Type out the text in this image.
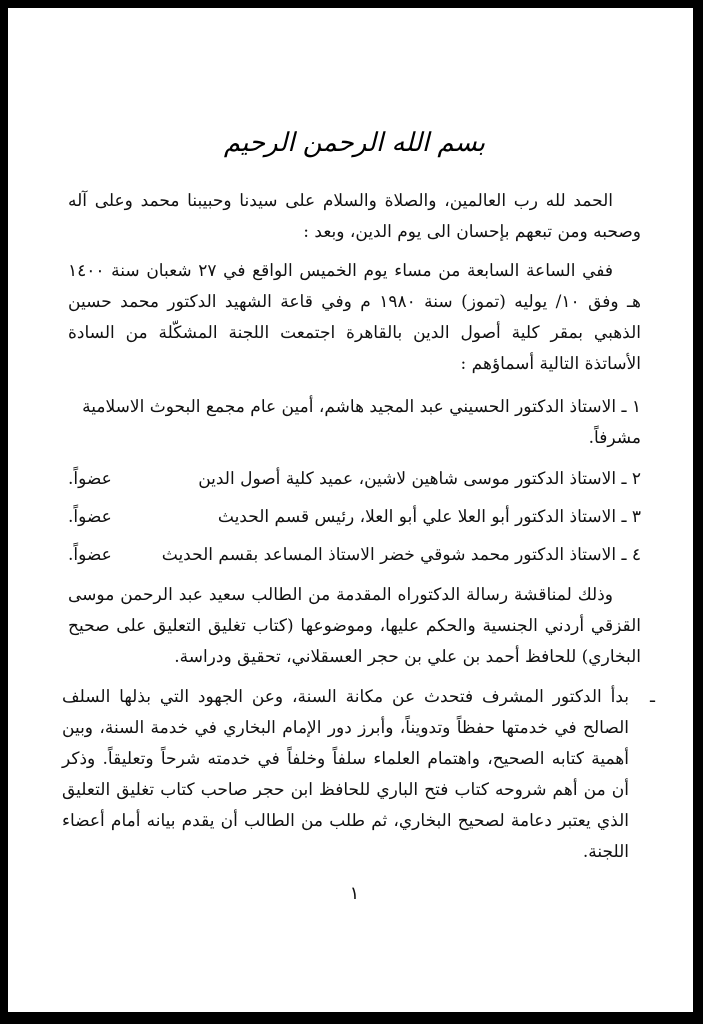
بسم الله الرحمن الرحيم

الحمد لله رب العالمين، والصلاة والسلام على سيدنا وحبيبنا محمد وعلى آله وصحبه ومن تبعهم بإحسان الى يوم الدين، وبعد :

ففي الساعة السابعة من مساء يوم الخميس الواقع في ٢٧ شعبان سنة ١٤٠٠ هـ وفق ١٠/ يوليه (تموز) سنة ١٩٨٠ م وفي قاعة الشهيد الدكتور محمد حسين الذهبي بمقر كلية أصول الدين بالقاهرة اجتمعت اللجنة المشكّلة من السادة الأساتذة التالية أسماؤهم :

١ ـ الاستاذ الدكتور الحسيني عبد المجيد هاشم، أمين عام مجمع البحوث الاسلامية
مشرفاً.
٢ ـ الاستاذ الدكتور موسى شاهين لاشين، عميد كلية أصول الدين
عضواً.
٣ ـ الاستاذ الدكتور أبو العلا علي أبو العلا، رئيس قسم الحديث
عضواً.
٤ ـ الاستاذ الدكتور محمد شوقي خضر الاستاذ المساعد بقسم الحديث
عضواً.

وذلك لمناقشة رسالة الدكتوراه المقدمة من الطالب سعيد عبد الرحمن موسى القزقي أردني الجنسية والحكم عليها، وموضوعها (كتاب تغليق التعليق على صحيح البخاري) للحافظ أحمد بن علي بن حجر العسقلاني، تحقيق ودراسة.

ـ
بدأ الدكتور المشرف فتحدث عن مكانة السنة، وعن الجهود التي بذلها السلف الصالح في خدمتها حفظاً وتدويناً، وأبرز دور الإمام البخاري في خدمة السنة، وبين أهمية كتابه الصحيح، واهتمام العلماء سلفاً وخلفاً في خدمته شرحاً وتعليقاً. وذكر أن من أهم شروحه كتاب فتح الباري للحافظ ابن حجر صاحب كتاب تغليق التعليق الذي يعتبر دعامة لصحيح البخاري، ثم طلب من الطالب أن يقدم بيانه أمام أعضاء اللجنة.
١
